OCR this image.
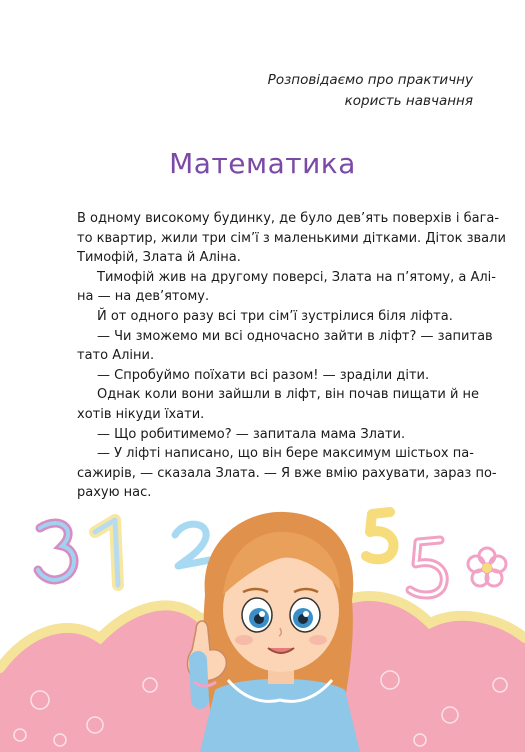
Розповідаємо про практичну
користь навчання
Математика
В одному високому будинку, де було дев’ять поверхів і бага-
то квартир, жили три сім’ї з маленькими дітками. Діток звали
Тимофій, Злата й Аліна.
Тимофій жив на другому поверсі, Злата на п’ятому, а Алі-
на — на дев’ятому.
Й от одного разу всі три сім’ї зустрілися біля ліфта.
— Чи зможемо ми всі одночасно зайти в ліфт? — запитав
тато Аліни.
— Спробуймо поїхати всі разом! — зраділи діти.
Однак коли вони зайшли в ліфт, він почав пищати й не
хотів нікуди їхати.
— Що робитимемо? — запитала мама Злати.
— У ліфті написано, що він бере максимум шістьох па-
сажирів, — сказала Злата. — Я вже вмію рахувати, зараз по-
рахую нас.
